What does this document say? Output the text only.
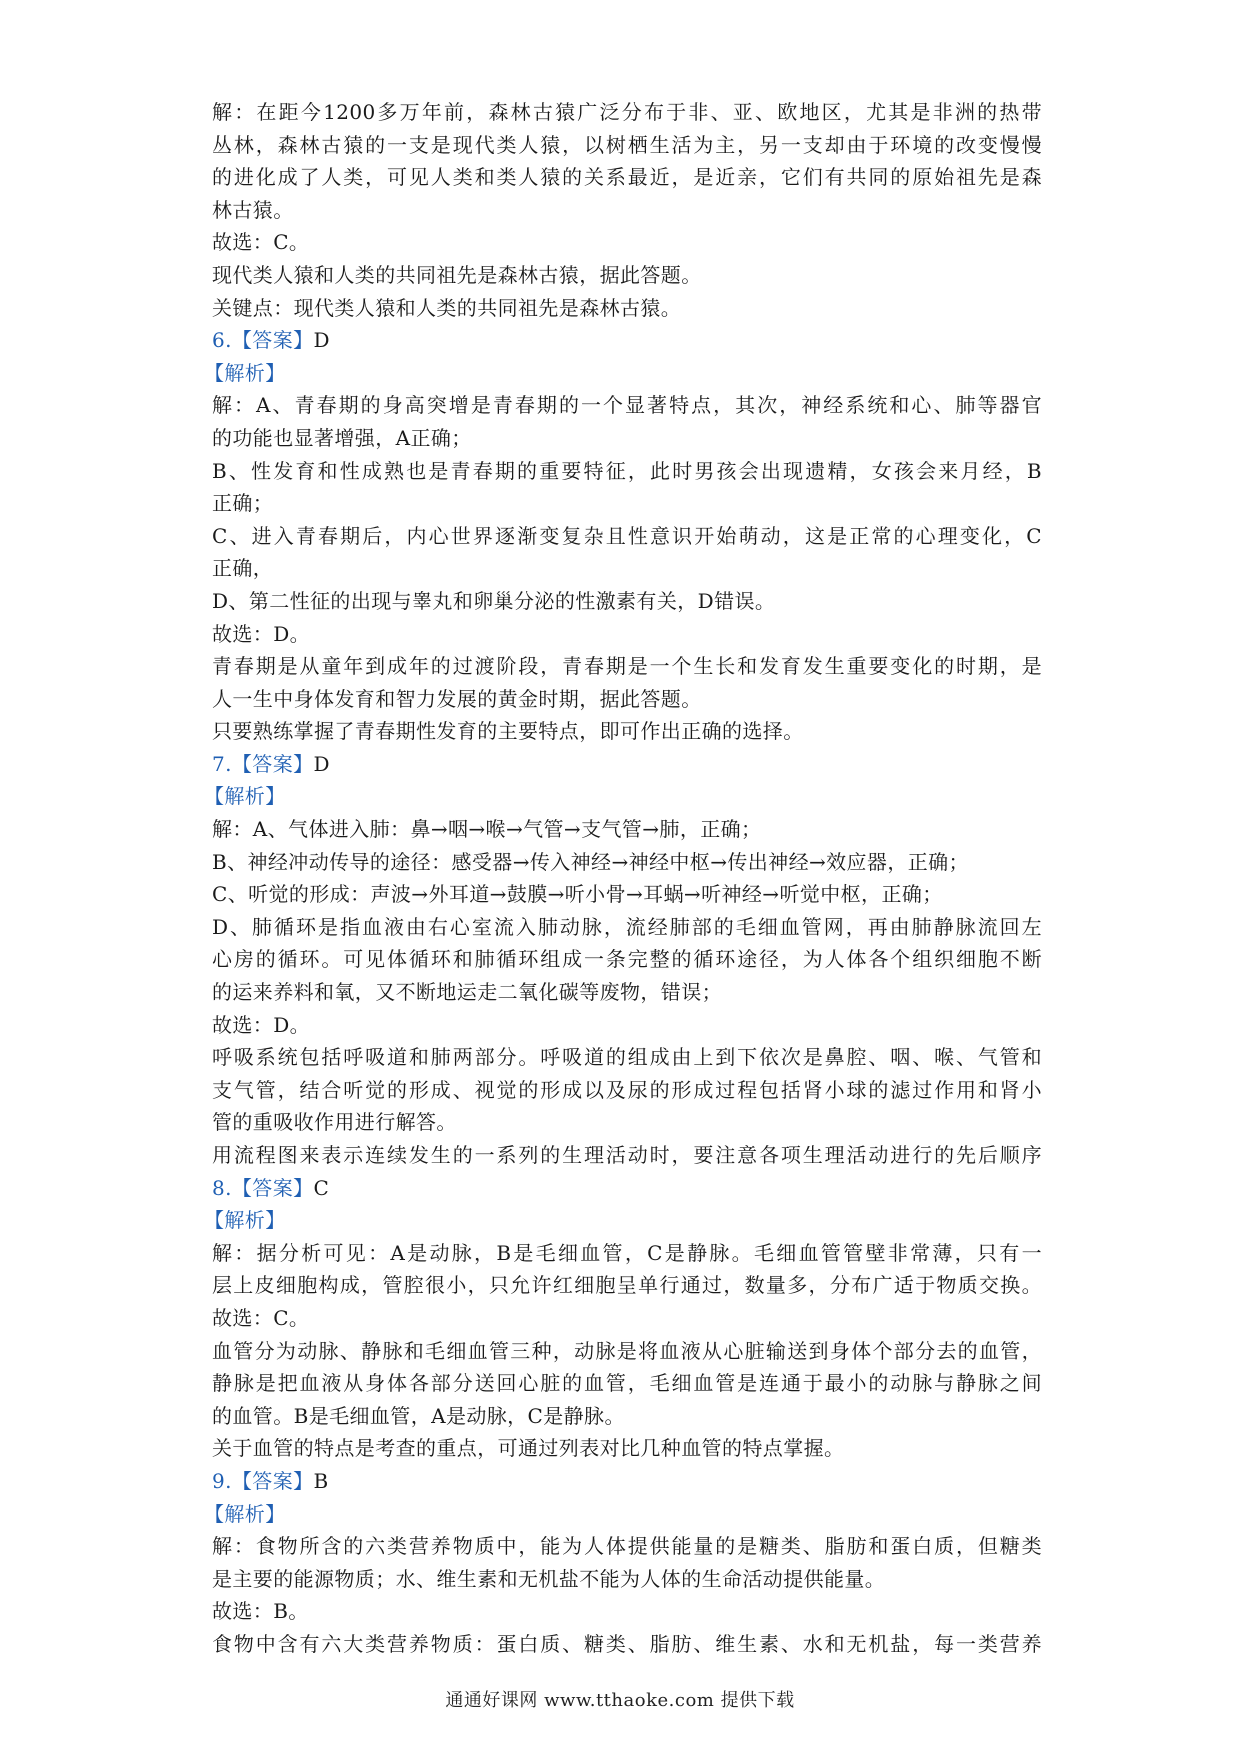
解：在距今1200多万年前，森林古猿广泛分布于非、亚、欧地区，尤其是非洲的热带
丛林，森林古猿的一支是现代类人猿，以树栖生活为主，另一支却由于环境的改变慢慢
的进化成了人类，可见人类和类人猿的关系最近，是近亲，它们有共同的原始祖先是森
林古猿。
故选：C。
现代类人猿和人类的共同祖先是森林古猿，据此答题。
关键点：现代类人猿和人类的共同祖先是森林古猿。
6.【答案】D
【解析】
解：A、青春期的身高突增是青春期的一个显著特点，其次，神经系统和心、肺等器官
的功能也显著增强，A正确；
B、性发育和性成熟也是青春期的重要特征，此时男孩会出现遗精，女孩会来月经，B
正确；
C、进入青春期后，内心世界逐渐变复杂且性意识开始萌动，这是正常的心理变化，C
正确，
D、第二性征的出现与睾丸和卵巢分泌的性激素有关，D错误。
故选：D。
青春期是从童年到成年的过渡阶段，青春期是一个生长和发育发生重要变化的时期，是
人一生中身体发育和智力发展的黄金时期，据此答题。
只要熟练掌握了青春期性发育的主要特点，即可作出正确的选择。
7.【答案】D
【解析】
解：A、气体进入肺：鼻→咽→喉→气管→支气管→肺，正确；
B、神经冲动传导的途径：感受器→传入神经→神经中枢→传出神经→效应器，正确；
C、听觉的形成：声波→外耳道→鼓膜→听小骨→耳蜗→听神经→听觉中枢，正确；
D、肺循环是指血液由右心室流入肺动脉，流经肺部的毛细血管网，再由肺静脉流回左
心房的循环。可见体循环和肺循环组成一条完整的循环途径，为人体各个组织细胞不断
的运来养料和氧，又不断地运走二氧化碳等废物，错误；
故选：D。
呼吸系统包括呼吸道和肺两部分。呼吸道的组成由上到下依次是鼻腔、咽、喉、气管和
支气管，结合听觉的形成、视觉的形成以及尿的形成过程包括肾小球的滤过作用和肾小
管的重吸收作用进行解答。
用流程图来表示连续发生的一系列的生理活动时，要注意各项生理活动进行的先后顺序
8.【答案】C
【解析】
解：据分析可见：A是动脉，B是毛细血管，C是静脉。毛细血管管壁非常薄，只有一
层上皮细胞构成，管腔很小，只允许红细胞呈单行通过，数量多，分布广适于物质交换。
故选：C。
血管分为动脉、静脉和毛细血管三种，动脉是将血液从心脏输送到身体个部分去的血管，
静脉是把血液从身体各部分送回心脏的血管，毛细血管是连通于最小的动脉与静脉之间
的血管。B是毛细血管，A是动脉，C是静脉。
关于血管的特点是考查的重点，可通过列表对比几种血管的特点掌握。
9.【答案】B
【解析】
解：食物所含的六类营养物质中，能为人体提供能量的是糖类、脂肪和蛋白质，但糖类
是主要的能源物质；水、维生素和无机盐不能为人体的生命活动提供能量。
故选：B。
食物中含有六大类营养物质：蛋白质、糖类、脂肪、维生素、水和无机盐，每一类营养
通通好课网 www.tthaoke.com 提供下载
